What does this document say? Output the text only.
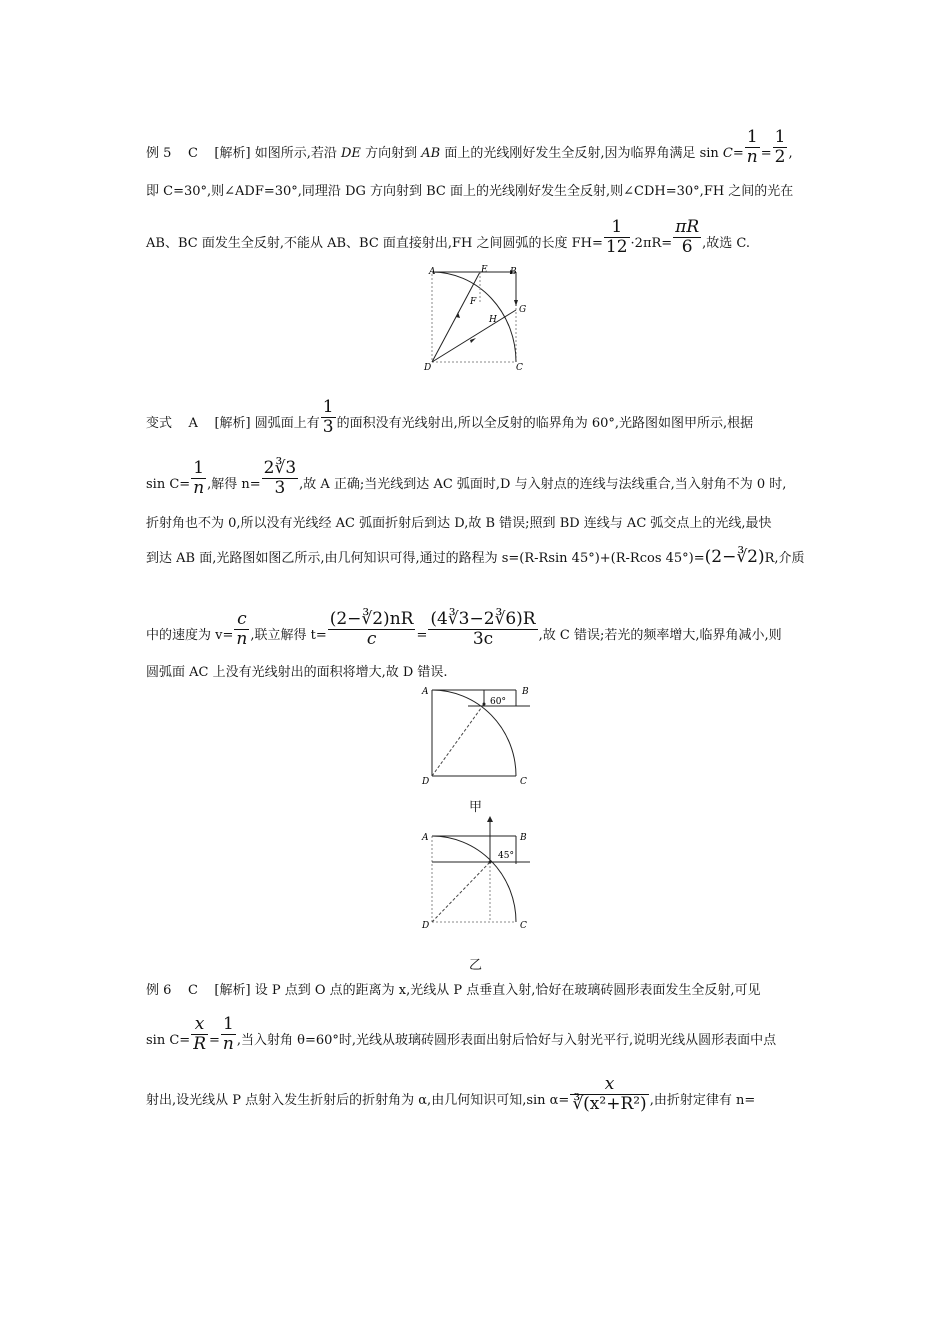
例 5 C [解析] 如图所示,若沿 DE 方向射到 AB 面上的光线刚好发生全反射,因为临界角满足 $\sin C= \frac{1}{n} = \frac{1}{2}$ ,
即 C=30°,则∠ADF=30°,同理沿 DG 方向射到 BC 面上的光线刚好发生全反射,则∠CDH=30°,FH 之间的光在
AB、BC 面发生全反射,不能从 AB、BC 面直接射出,FH 之间圆弧的长度 $FH= \frac{1}{12} \cdot 2\pi R= \frac{\pi R}{6}$ ,故选 C.
A	E B
F
G
H
D	C
变式 A [解析] 圆弧面上有 $\frac{1}{3}$ 的面积没有光线射出,所以全反射的临界角为 60°,光路图如图甲所示,根据
$\sin C= \frac{1}{n}$ ,解得 $n= \frac{2∛3}{3}$ ,故 A 正确;当光线到达 AC 弧面时,D 与入射点的连线与法线重合,当入射角不为 0 时,
折射角也不为 0,所以没有光线经 AC 弧面折射后到达 D,故 B 错误;照到 BD 连线与 AC 弧交点上的光线,最快
到达 AB 面,光路图如图乙所示,由几何知识可得,通过的路程为 s=(R-Rsin 45°)+(R-Rcos 45°)=(2−∛2)R,介质
中的速度为 $v= \frac{c}{n}$ ,联立解得 $t= \frac{(2-∛2)nR}{c} = \frac{(4∛3-2∛6)R}{3c}$ ,故 C 错误;若光的频率增大,临界角减小,则
圆弧面 AC 上没有光线射出的面积将增大,故 D 错误.
60°
A	B
D	C
甲
45°
A	B
D	C
乙
例 6 C [解析] 设 P 点到 O 点的距离为 x,光线从 P 点垂直入射,恰好在玻璃砖圆形表面发生全反射,可见
$\sin C= \frac{x}{R} = \frac{1}{n}$ ,当入射角 θ=60°时,光线从玻璃砖圆形表面出射后恰好与入射光平行,说明光线从圆形表面中点
射出,设光线从 P 点射入发生折射后的折射角为 α,由几何知识可知,sin $\alpha= \frac{x}{\text{∛(x²+R²)}}$ ,由折射定律有 n=
